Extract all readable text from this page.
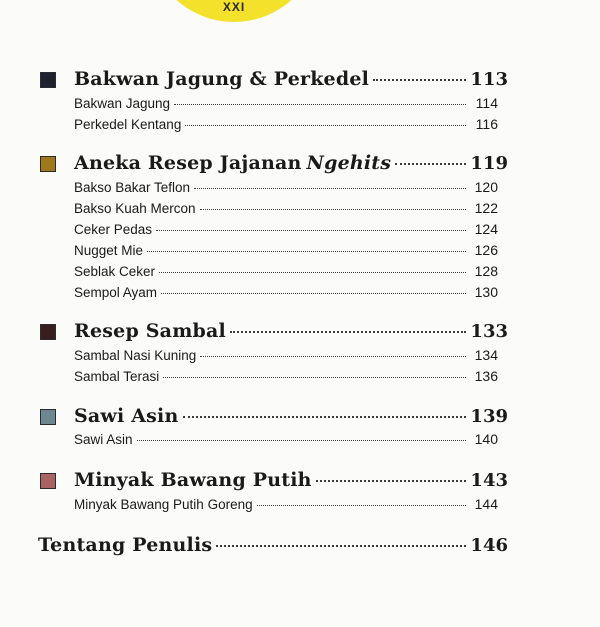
XXI
Bakwan Jagung & Perkedel	113
Bakwan Jagung	114
Perkedel Kentang	116
Aneka Resep Jajanan Ngehits	119
Bakso Bakar Teflon	120
Bakso Kuah Mercon	122
Ceker Pedas	124
Nugget Mie	126
Seblak Ceker	128
Sempol Ayam	130
Resep Sambal	133
Sambal Nasi Kuning	134
Sambal Terasi	136
Sawi Asin	139
Sawi Asin	140
Minyak Bawang Putih	143
Minyak Bawang Putih Goreng	144
Tentang Penulis	146
